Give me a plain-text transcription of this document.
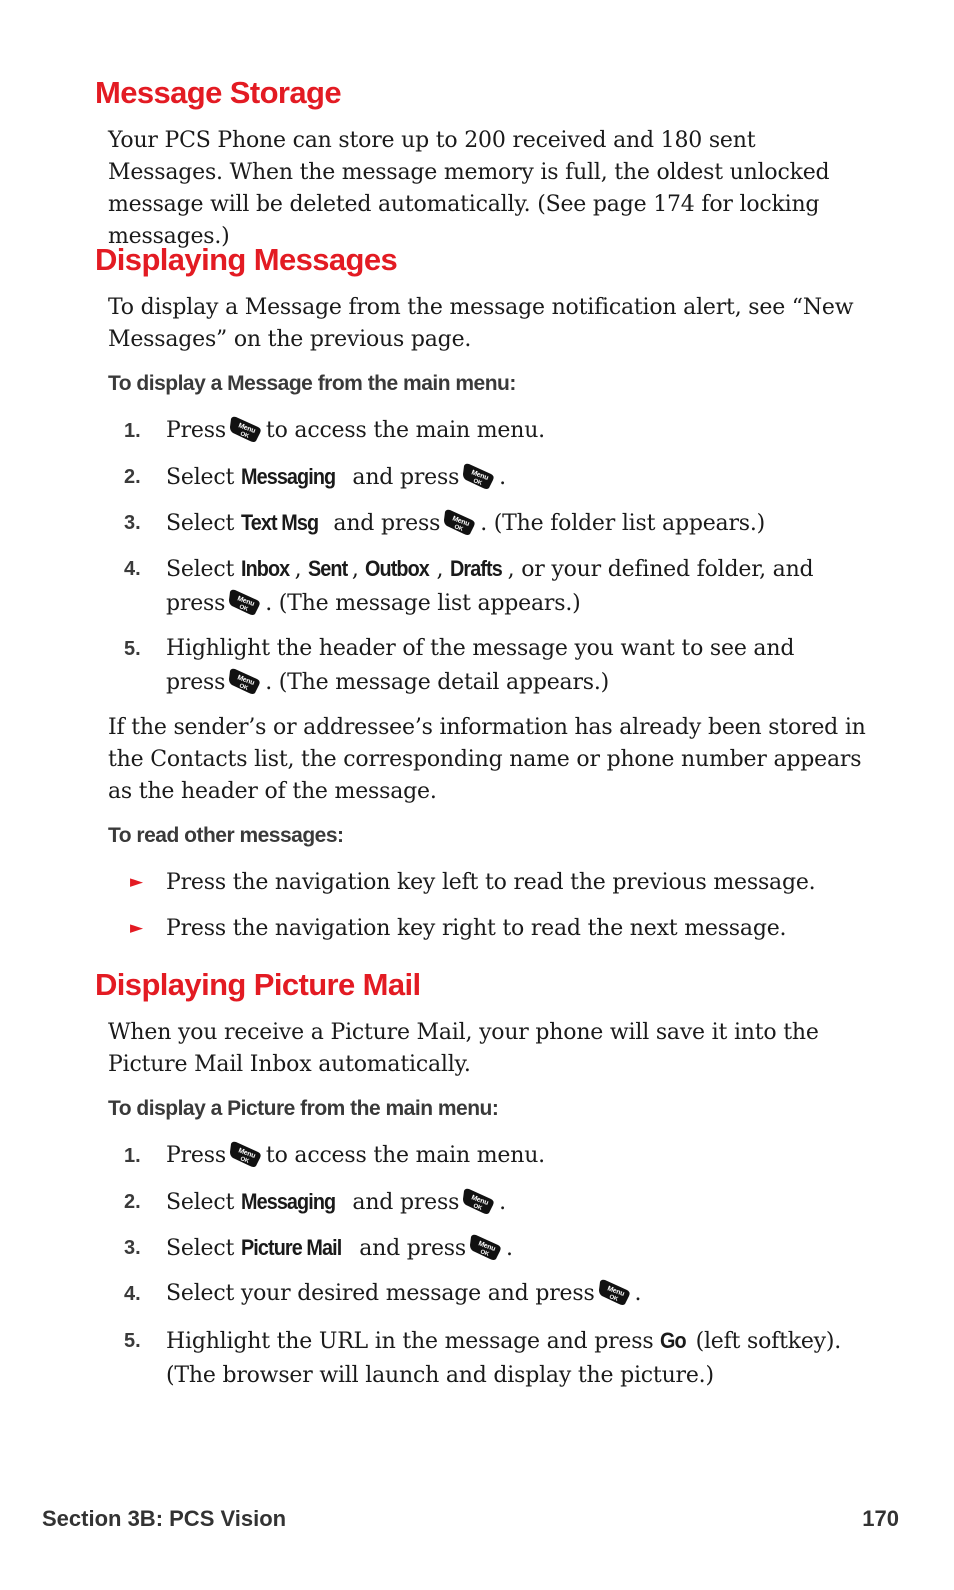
Message Storage

Your PCS Phone can store up to 200 received and 180 sent Messages. When the message memory is full, the oldest unlocked message will be deleted automatically. (See page 174 for locking messages.)

Displaying Messages

To display a Message from the message notification alert, see “New Messages” on the previous page.

To display a Message from the main menu:
1. Press to access the main menu.
2. Select Messaging and press .
3. Select Text Msg and press . (The folder list appears.)
4. Select Inbox , Sent , Outbox , Drafts , or your defined folder, and
press . (The message list appears.)
5. Highlight the header of the message you want to see and
press . (The message detail appears.)

If the sender’s or addressee’s information has already been stored in the Contacts list, the corresponding name or phone number appears as the header of the message.

To read other messages:
► Press the navigation key left to read the previous message.
► Press the navigation key right to read the next message.
Displaying Picture Mail

When you receive a Picture Mail, your phone will save it into the Picture Mail Inbox automatically.

To display a Picture from the main menu:
1. Press to access the main menu.
2. Select Messaging and press .
3. Select Picture Mail and press .
4. Select your desired message and press .
5. Highlight the URL in the message and press Go (left softkey).
(The browser will launch and display the picture.)
Section 3B: PCS Vision	170
